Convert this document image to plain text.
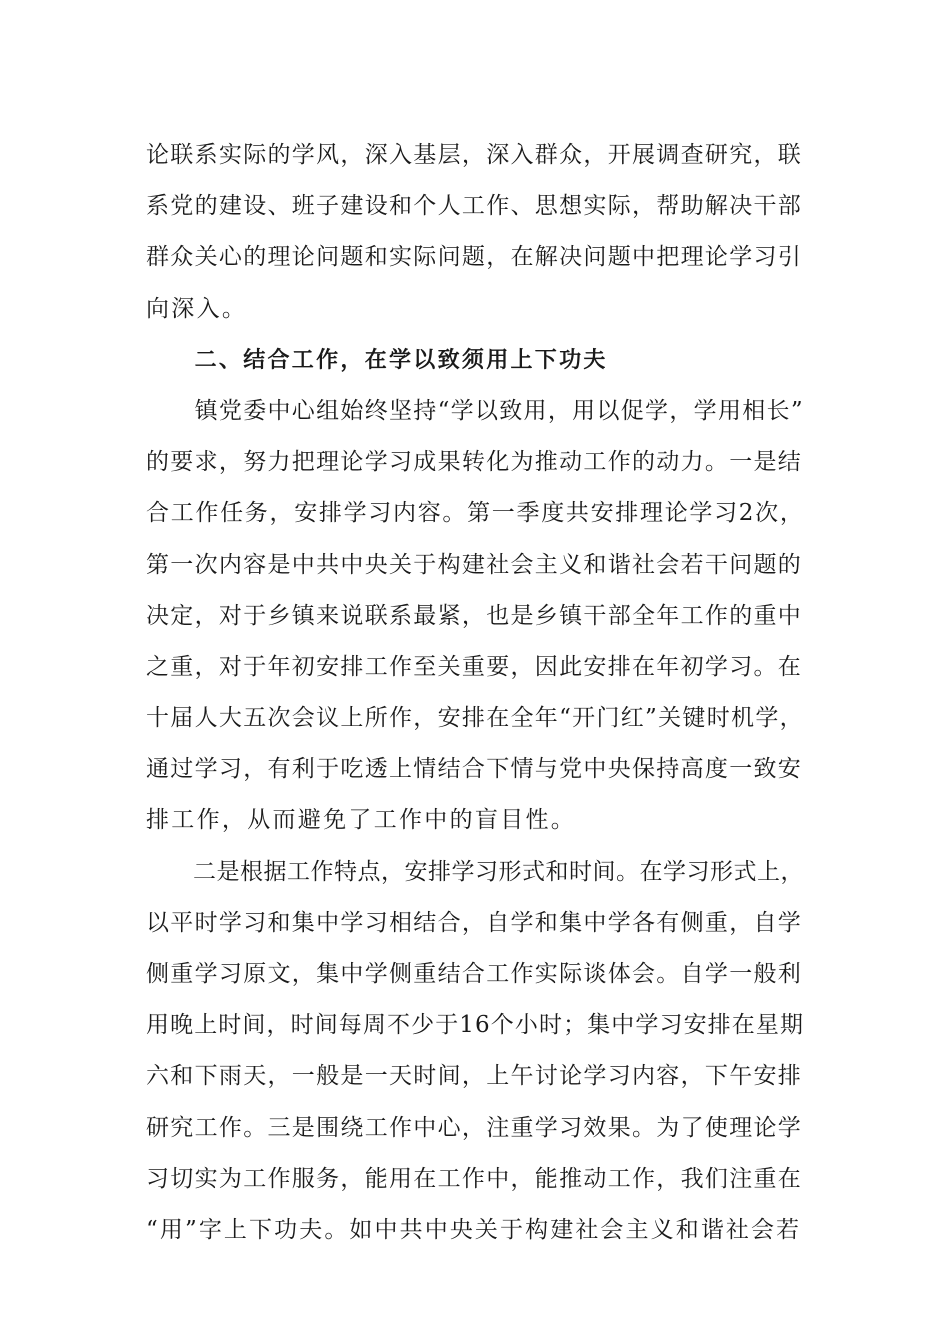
论联系实际的学风，深入基层，深入群众，开展调查研究，联
系党的建设、班子建设和个人工作、思想实际，帮助解决干部
群众关心的理论问题和实际问题，在解决问题中把理论学习引
向深入。
　　二、结合工作，在学以致须用上下功夫
　　镇党委中心组始终坚持“学以致用，用以促学，学用相长”
的要求，努力把理论学习成果转化为推动工作的动力。一是结
合工作任务，安排学习内容。第一季度共安排理论学习2次，
第一次内容是中共中央关于构建社会主义和谐社会若干问题的
决定，对于乡镇来说联系最紧，也是乡镇干部全年工作的重中
之重，对于年初安排工作至关重要，因此安排在年初学习。在
十届人大五次会议上所作，安排在全年“开门红”关键时机学，
通过学习，有利于吃透上情结合下情与党中央保持高度一致安
排工作，从而避免了工作中的盲目性。
　　二是根据工作特点，安排学习形式和时间。在学习形式上，
以平时学习和集中学习相结合，自学和集中学各有侧重，自学
侧重学习原文，集中学侧重结合工作实际谈体会。自学一般利
用晚上时间，时间每周不少于16个小时；集中学习安排在星期
六和下雨天，一般是一天时间，上午讨论学习内容，下午安排
研究工作。三是围绕工作中心，注重学习效果。为了使理论学
习切实为工作服务，能用在工作中，能推动工作，我们注重在
“用”字上下功夫。如中共中央关于构建社会主义和谐社会若
